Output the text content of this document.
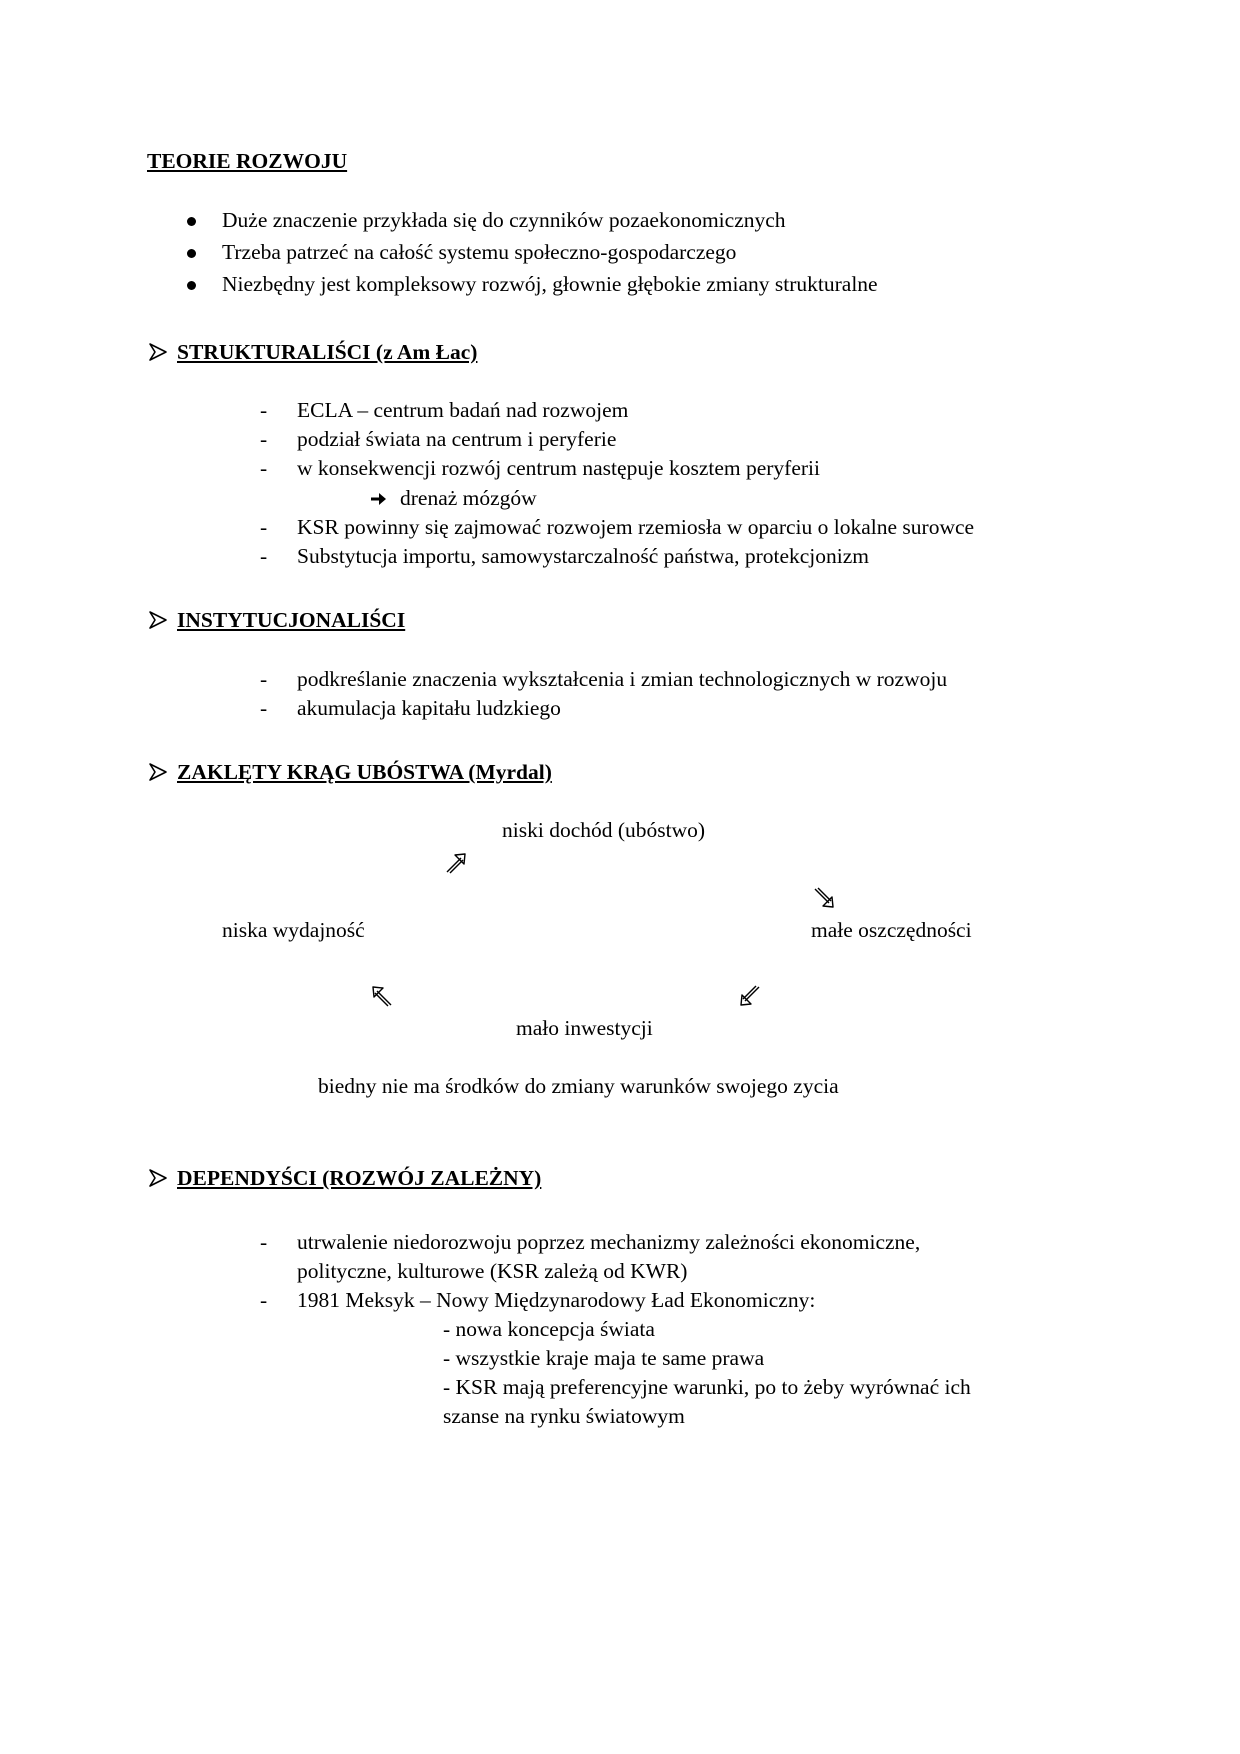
TEORIE ROZWOJU
Duże znaczenie przykłada się do czynników pozaekonomicznych
Trzeba patrzeć na całość systemu społeczno-gospodarczego
Niezbędny jest kompleksowy rozwój, głownie głębokie zmiany strukturalne
STRUKTURALIŚCI (z Am Łac)
- ECLA – centrum badań nad rozwojem
- podział świata na centrum i peryferie
- w konsekwencji rozwój centrum następuje kosztem peryferii
drenaż mózgów
- KSR powinny się zajmować rozwojem rzemiosła w oparciu o lokalne surowce
- Substytucja importu, samowystarczalność państwa, protekcjonizm
INSTYTUCJONALIŚCI
- podkreślanie znaczenia wykształcenia i zmian technologicznych w rozwoju
- akumulacja kapitału ludzkiego
ZAKLĘTY KRĄG UBÓSTWA (Myrdal)
niski dochód (ubóstwo)
niska wydajność	małe oszczędności
mało inwestycji
biedny nie ma środków do zmiany warunków swojego zycia
DEPENDYŚCI (ROZWÓJ ZALEŻNY)
- utrwalenie niedorozwoju poprzez mechanizmy zależności ekonomiczne,
polityczne, kulturowe (KSR zależą od KWR)
- 1981 Meksyk – Nowy Międzynarodowy Ład Ekonomiczny:
- nowa koncepcja świata
- wszystkie kraje maja te same prawa
- KSR mają preferencyjne warunki, po to żeby wyrównać ich
szanse na rynku światowym
